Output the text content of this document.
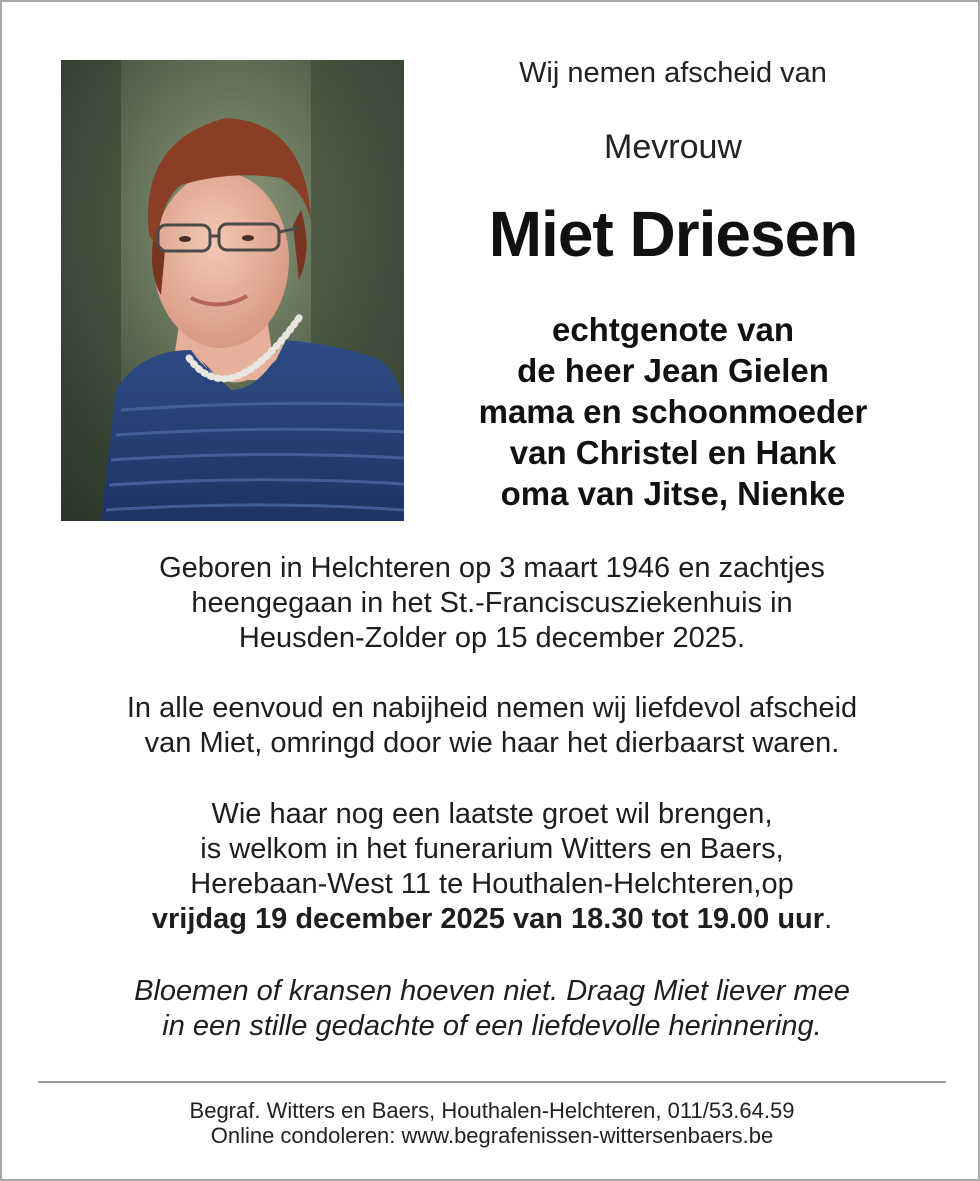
Wij nemen afscheid van
Mevrouw
Miet Driesen
echtgenote van
de heer Jean Gielen
mama en schoonmoeder
van Christel en Hank
oma van Jitse, Nienke
Geboren in Helchteren op 3 maart 1946 en zachtjes
heengegaan in het St.-Franciscusziekenhuis in
Heusden-Zolder op 15 december 2025.
In alle eenvoud en nabijheid nemen wij liefdevol afscheid
van Miet, omringd door wie haar het dierbaarst waren.
Wie haar nog een laatste groet wil brengen,
is welkom in het funerarium Witters en Baers,
Herebaan-West 11 te Houthalen-Helchteren,op
vrijdag 19 december 2025 van 18.30 tot 19.00 uur.
Bloemen of kransen hoeven niet. Draag Miet liever mee
in een stille gedachte of een liefdevolle herinnering.
Begraf. Witters en Baers, Houthalen-Helchteren, 011/53.64.59
Online condoleren: www.begrafenissen-wittersenbaers.be
